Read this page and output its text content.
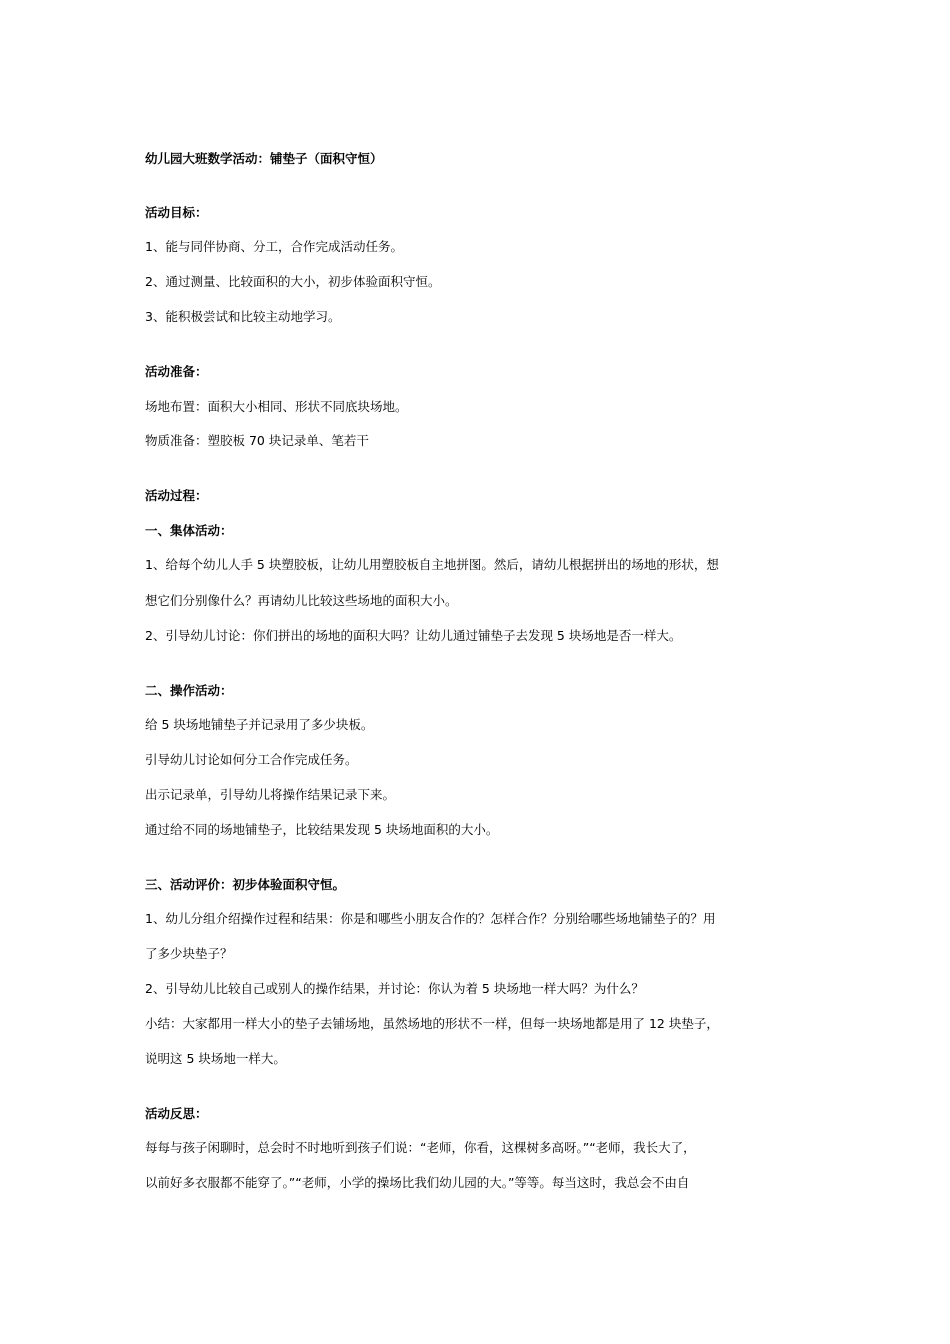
幼儿园大班数学活动：铺垫子（面积守恒）
活动目标：
1、能与同伴协商、分工，合作完成活动任务。
2、通过测量、比较面积的大小，初步体验面积守恒。
3、能积极尝试和比较主动地学习。
活动准备：
场地布置：面积大小相同、形状不同底块场地。
物质准备：塑胶板 70 块记录单、笔若干
活动过程：
一、集体活动：
1、给每个幼儿人手 5 块塑胶板，让幼儿用塑胶板自主地拼图。然后，请幼儿根据拼出的场地的形状，想
想它们分别像什么？再请幼儿比较这些场地的面积大小。
2、引导幼儿讨论：你们拼出的场地的面积大吗？让幼儿通过铺垫子去发现 5 块场地是否一样大。
二、操作活动：
给 5 块场地铺垫子并记录用了多少块板。
引导幼儿讨论如何分工合作完成任务。
出示记录单，引导幼儿将操作结果记录下来。
通过给不同的场地铺垫子，比较结果发现 5 块场地面积的大小。
三、活动评价：初步体验面积守恒。
1、幼儿分组介绍操作过程和结果：你是和哪些小朋友合作的？怎样合作？分别给哪些场地铺垫子的？用
了多少块垫子？
2、引导幼儿比较自己或别人的操作结果，并讨论：你认为着 5 块场地一样大吗？为什么？
小结：大家都用一样大小的垫子去铺场地，虽然场地的形状不一样，但每一块场地都是用了 12 块垫子，
说明这 5 块场地一样大。
活动反思：
每每与孩子闲聊时，总会时不时地听到孩子们说：“老师，你看，这棵树多高呀。”“老师，我长大了，
以前好多衣服都不能穿了。”“老师，小学的操场比我们幼儿园的大。”等等。每当这时，我总会不由自
